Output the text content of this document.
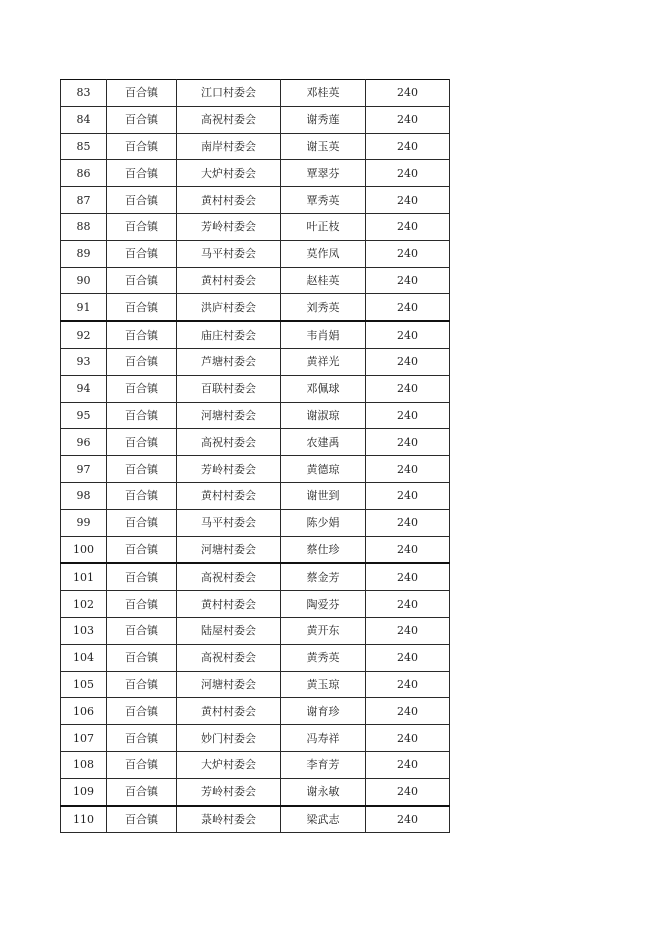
83	百合镇	江口村委会	邓桂英	240
84	百合镇	高祝村委会	谢秀莲	240
85	百合镇	南岸村委会	谢玉英	240
86	百合镇	大炉村委会	覃翠芬	240
87	百合镇	黄村村委会	覃秀英	240
88	百合镇	芳岭村委会	叶正枝	240
89	百合镇	马平村委会	莫作凤	240
90	百合镇	黄村村委会	赵桂英	240
91	百合镇	洪庐村委会	刘秀英	240
92	百合镇	庙庄村委会	韦肖娟	240
93	百合镇	芦塘村委会	黄祥光	240
94	百合镇	百联村委会	邓佩球	240
95	百合镇	河塘村委会	谢淑琼	240
96	百合镇	高祝村委会	农建禹	240
97	百合镇	芳岭村委会	黄德琼	240
98	百合镇	黄村村委会	谢世到	240
99	百合镇	马平村委会	陈少娟	240
100	百合镇	河塘村委会	蔡仕珍	240
101	百合镇	高祝村委会	蔡金芳	240
102	百合镇	黄村村委会	陶爱芬	240
103	百合镇	陆屋村委会	黄开东	240
104	百合镇	高祝村委会	黄秀英	240
105	百合镇	河塘村委会	黄玉琼	240
106	百合镇	黄村村委会	谢育珍	240
107	百合镇	妙门村委会	冯寿祥	240
108	百合镇	大炉村委会	李育芳	240
109	百合镇	芳岭村委会	谢永敏	240
110	百合镇	菉岭村委会	梁武志	240
